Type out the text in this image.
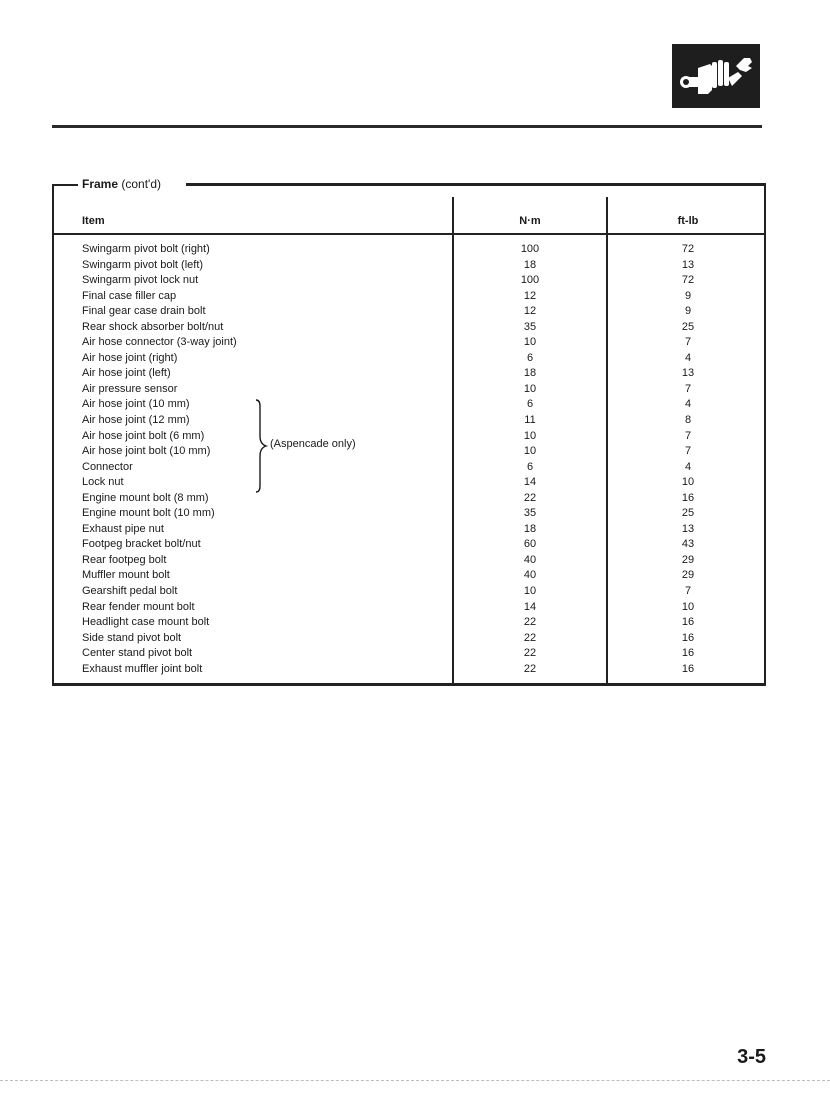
Frame (cont'd)
Item	N·m	ft-lb
Swingarm pivot bolt (right)	100	72
Swingarm pivot bolt (left)	18	13
Swingarm pivot lock nut	100	72
Final case filler cap	12	9
Final gear case drain bolt	12	9
Rear shock absorber bolt/nut	35	25
Air hose connector (3-way joint)	10	7
Air hose joint (right)	6	4
Air hose joint (left)	18	13
Air pressure sensor	10	7
Air hose joint (10 mm)	6	4
Air hose joint (12 mm)	11	8
Air hose joint bolt (6 mm)	10	7
Air hose joint bolt (10 mm)	10	7
Connector	6	4
Lock nut	14	10
Engine mount bolt (8 mm)	22	16
Engine mount bolt (10 mm)	35	25
Exhaust pipe nut	18	13
Footpeg bracket bolt/nut	60	43
Rear footpeg bolt	40	29
Muffler mount bolt	40	29
Gearshift pedal bolt	10	7
Rear fender mount bolt	14	10
Headlight case mount bolt	22	16
Side stand pivot bolt	22	16
Center stand pivot bolt	22	16
Exhaust muffler joint bolt	22	16
(Aspencade only)
3-5
